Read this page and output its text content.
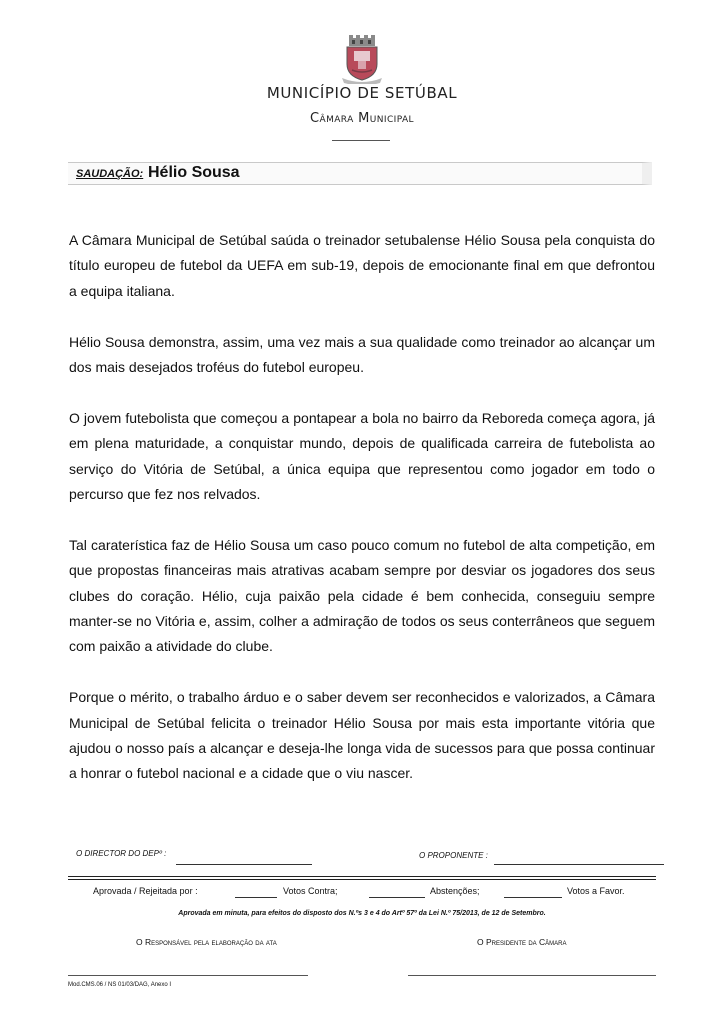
MUNICÍPIO DE SETÚBAL
Câmara Municipal
SAUDAÇÃO: Hélio Sousa

A Câmara Municipal de Setúbal saúda o treinador setubalense Hélio Sousa pela conquista do título europeu de futebol da UEFA em sub-19, depois de emocionante final em que defrontou a equipa italiana.

Hélio Sousa demonstra, assim, uma vez mais a sua qualidade como treinador ao alcançar um dos mais desejados troféus do futebol europeu.

O jovem futebolista que começou a pontapear a bola no bairro da Reboreda começa agora, já em plena maturidade, a conquistar mundo, depois de qualificada carreira de futebolista ao serviço do Vitória de Setúbal, a única equipa que representou como jogador em todo o percurso que fez nos relvados.

Tal caraterística faz de Hélio Sousa um caso pouco comum no futebol de alta competição, em que propostas financeiras mais atrativas acabam sempre por desviar os jogadores dos seus clubes do coração. Hélio, cuja paixão pela cidade é bem conhecida, conseguiu sempre manter-se no Vitória e, assim, colher a admiração de todos os seus conterrâneos que seguem com paixão a atividade do clube.

Porque o mérito, o trabalho árduo e o saber devem ser reconhecidos e valorizados, a Câmara Municipal de Setúbal felicita o treinador Hélio Sousa por mais esta importante vitória que ajudou o nosso país a alcançar e deseja-lhe longa vida de sucessos para que possa continuar a honrar o futebol nacional e a cidade que o viu nascer.

O DIRECTOR DO DEPº :	O PROPONENTE :
Aprovada / Rejeitada por :	Votos Contra;	Abstenções;	Votos a Favor.
Aprovada em minuta, para efeitos do disposto dos N.ºs 3 e 4 do Artº 57º da Lei N.º 75/2013, de 12 de Setembro.
O Responsável pela elaboração da ata	O Presidente da Câmara
Mod.CMS.06 / NS 01/03/DAG, Anexo I
